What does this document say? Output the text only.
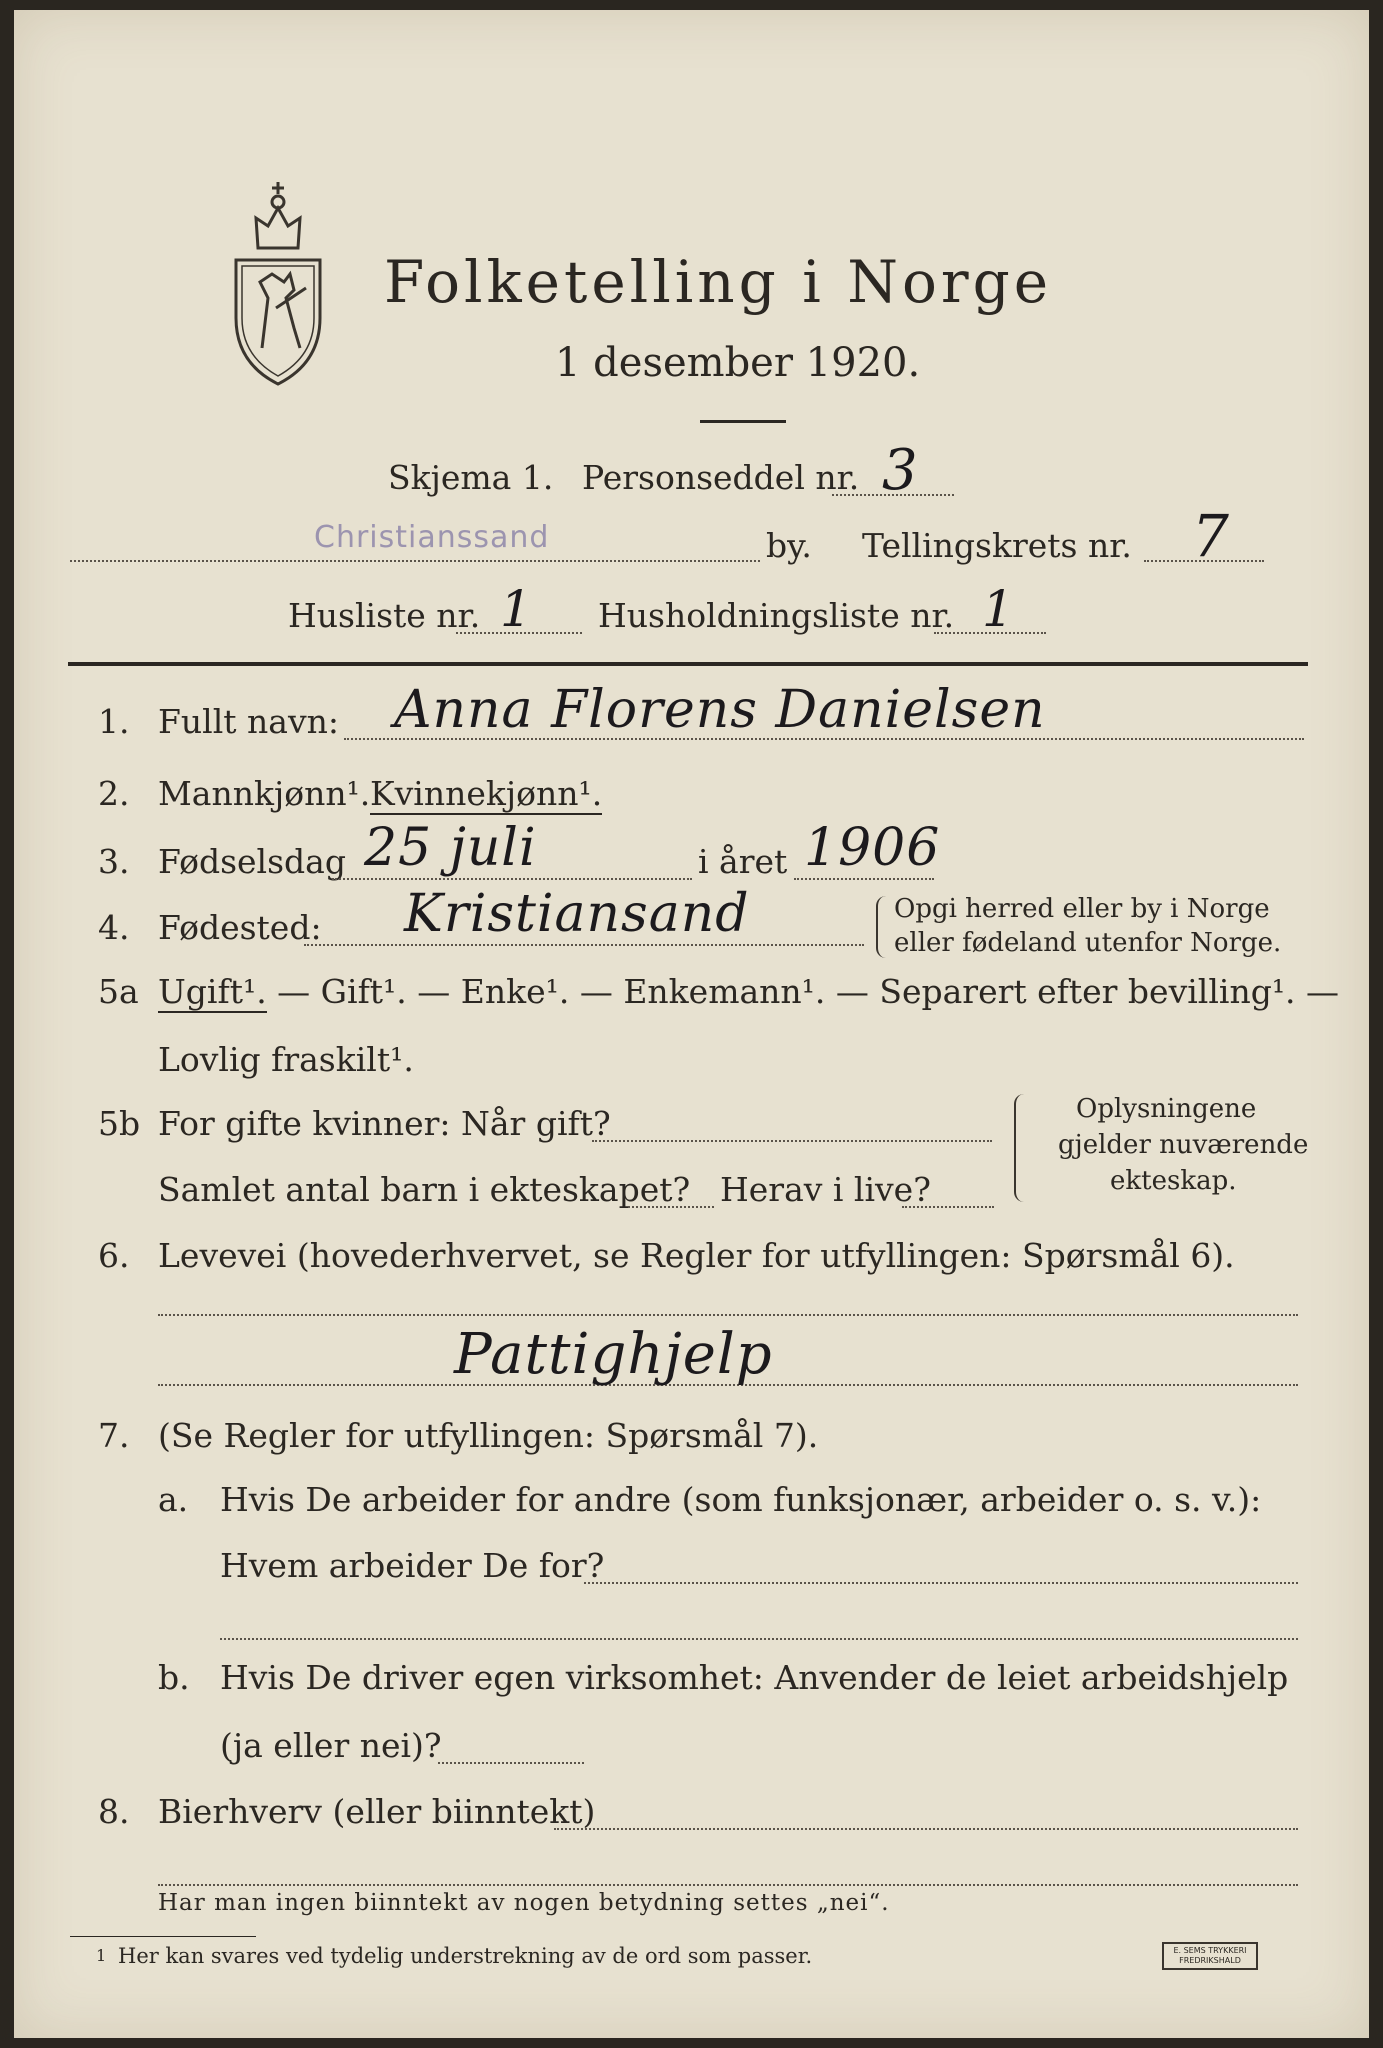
Folketelling i Norge
1 desember 1920.
Skjema 1. Personseddel nr. 3
Christianssand	by. Tellingskrets nr. 7
Husliste nr. 1 Husholdningsliste nr. 1
1. Fullt navn: Anna Florens Danielsen
2. Mannkjønn¹. Kvinnekjønn¹.
3. Fødselsdag 25 juli	i året 1906
4. Fødested: Kristiansand	Opgi herred eller by i Norge
eller fødeland utenfor Norge.
5a Ugift¹. — Gift¹. — Enke¹. — Enkemann¹. — Separert efter bevilling¹. —
Lovlig fraskilt¹.
5b For gifte kvinner: Når gift?
Samlet antal barn i ekteskapet? Herav i live?
Oplysningene
gjelder nuværende
ekteskap.
6. Levevei (hovederhvervet, se Regler for utfyllingen: Spørsmål 6).
Pattighjelp
7. (Se Regler for utfyllingen: Spørsmål 7).
a. Hvis De arbeider for andre (som funksjonær, arbeider o. s. v.):
Hvem arbeider De for?
b. Hvis De driver egen virksomhet: Anvender de leiet arbeidshjelp
(ja eller nei)?
8. Bierhverv (eller biinntekt)
Har man ingen biinntekt av nogen betydning settes „nei“.
1 Her kan svares ved tydelig understrekning av de ord som passer.	E. SEMS TRYKKERI
FREDRIKSHALD
